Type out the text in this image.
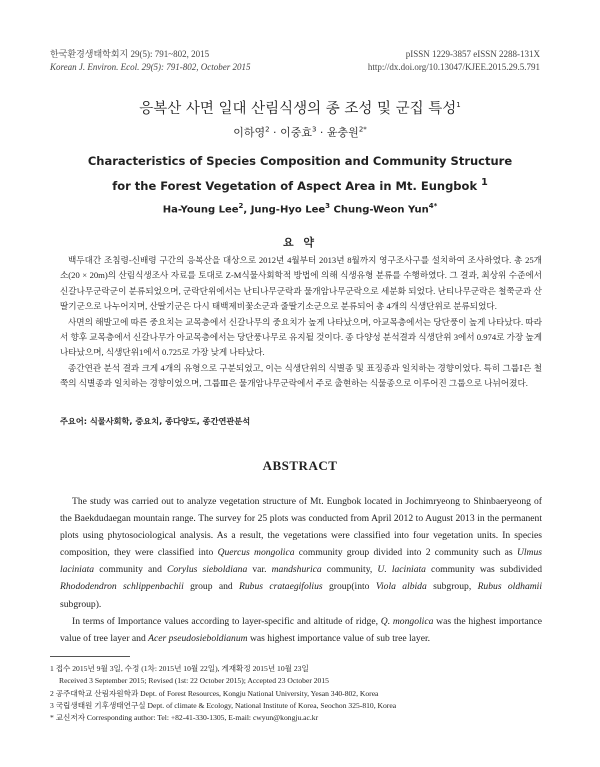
한국환경생태학회지 29(5): 791~802, 2015
Korean J. Environ. Ecol. 29(5): 791-802, October 2015
pISSN 1229-3857 eISSN 2288-131X
http://dx.doi.org/10.13047/KJEE.2015.29.5.791
응복산 사면 일대 산림식생의 종 조성 및 군집 특성$^1$
이하영$^2$ · 이중효$^3$ · 윤충원$^{2*}$
Characteristics of Species Composition and Community Structure
for the Forest Vegetation of Aspect Area in Mt. Eungbok $^1$
Ha-Young Lee$^2$, Jung-Hyo Lee$^3$ Chung-Weon Yun$^{4*}$
요 약

백두대간 조침령-신배령 구간의 응복산을 대상으로 2012년 4월부터 2013년 8월까지 영구조사구를 설치하여 조사하였다. 총 25개소(20 × 20m)의 산림식생조사 자료를 토대로 Z-M식물사회학적 방법에 의해 식생유형 분류를 수행하였다. 그 결과, 최상위 수준에서 신갈나무군락군이 분류되었으며, 군락단위에서는 난티나무군락과 물개암나무군락으로 세분화 되었다. 난티나무군락은 철쭉군과 산딸기군으로 나누어지며, 산딸기군은 다시 태백제비꽃소군과 줄딸기소군으로 분류되어 총 4개의 식생단위로 분류되었다.

사면의 해발고에 따른 중요치는 교목층에서 신갈나무의 중요치가 높게 나타났으며, 아교목층에서는 당단풍이 높게 나타났다. 따라서 향후 교목층에서 신갈나무가 아교목층에서는 당단풍나무로 유지될 것이다. 종 다양성 분석결과 식생단위 3에서 0.974로 가장 높게 나타났으며, 식생단위1에서 0.725로 가장 낮게 나타났다.

종간연관 분석 결과 크게 4개의 유형으로 구분되었고, 이는 식생단위의 식별종 및 표징종과 일치하는 경향이었다. 특히 그룹Ⅰ은 철쭉의 식별종과 일치하는 경향이었으며, 그룹Ⅲ은 물개암나무군락에서 주로 출현하는 식물종으로 이루어진 그룹으로 나뉘어졌다.

주요어: 식물사회학, 중요치, 종다양도, 종간연관분석
ABSTRACT

The study was carried out to analyze vegetation structure of Mt. Eungbok located in Jochimryeong to Shinbaeryeong of the Baekdudaegan mountain range. The survey for 25 plots was conducted from April 2012 to August 2013 in the permanent plots using phytosociological analysis. As a result, the vegetations were classified into four vegetation units. In species composition, they were classified into Quercus mongolica community group divided into 2 community such as Ulmus laciniata community and Corylus sieboldiana var. mandshurica community, U. laciniata community was subdivided Rhododendron schlippenbachii group and Rubus crataegifolius group(into Viola albida subgroup, Rubus oldhamii subgroup).

In terms of Importance values according to layer-specific and altitude of ridge, Q. mongolica was the highest importance value of tree layer and Acer pseudosieboldianum was highest importance value of sub tree layer.

1 접수 2015년 9월 3일, 수정 (1차: 2015년 10월 22일), 게재확정 2015년 10월 23일
Received 3 September 2015; Revised (1st: 22 October 2015); Accepted 23 October 2015
2 공주대학교 산림자원학과 Dept. of Forest Resources, Kongju National University, Yesan 340-802, Korea
3 국립생태원 기후생태연구실 Dept. of climate & Ecology, National Institute of Korea, Seochon 325-810, Korea
* 교신저자 Corresponding author: Tel: +82-41-330-1305, E-mail: cwyun@kongju.ac.kr
